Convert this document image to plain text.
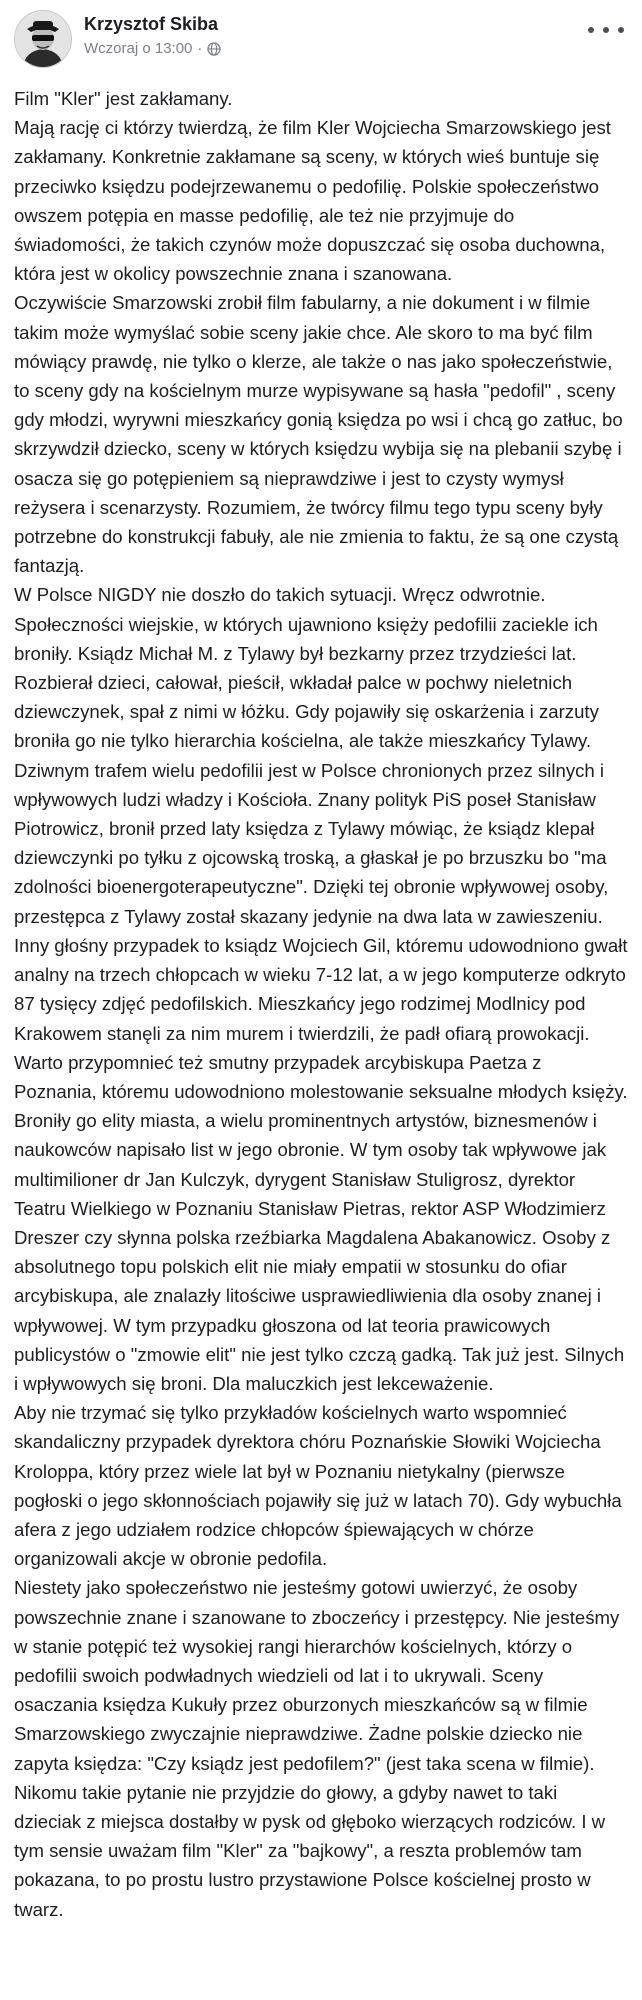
Krzysztof Skiba
Wczoraj o 13:00 ·

Film "Kler" jest zakłamany.

Mają rację ci którzy twierdzą, że film Kler Wojciecha Smarzowskiego jest zakłamany. Konkretnie zakłamane są sceny, w których wieś buntuje się przeciwko księdzu podejrzewanemu o pedofilię. Polskie społeczeństwo owszem potępia en masse pedofilię, ale też nie przyjmuje do świadomości, że takich czynów może dopuszczać się osoba duchowna, która jest w okolicy powszechnie znana i szanowana.

Oczywiście Smarzowski zrobił film fabularny, a nie dokument i w filmie takim może wymyślać sobie sceny jakie chce. Ale skoro to ma być film mówiący prawdę, nie tylko o klerze, ale także o nas jako społeczeństwie, to sceny gdy na kościelnym murze wypisywane są hasła "pedofil" , sceny gdy młodzi, wyrywni mieszkańcy gonią księdza po wsi i chcą go zatłuc, bo skrzywdził dziecko, sceny w których księdzu wybija się na plebanii szybę i osacza się go potępieniem są nieprawdziwe i jest to czysty wymysł reżysera i scenarzysty. Rozumiem, że twórcy filmu tego typu sceny były potrzebne do konstrukcji fabuły, ale nie zmienia to faktu, że są one czystą fantazją.

W Polsce NIGDY nie doszło do takich sytuacji. Wręcz odwrotnie. Społeczności wiejskie, w których ujawniono księży pedofilii zaciekle ich broniły. Ksiądz Michał M. z Tylawy był bezkarny przez trzydzieści lat. Rozbierał dzieci, całował, pieścił, wkładał palce w pochwy nieletnich dziewczynek, spał z nimi w łóżku. Gdy pojawiły się oskarżenia i zarzuty broniła go nie tylko hierarchia kościelna, ale także mieszkańcy Tylawy. Dziwnym trafem wielu pedofilii jest w Polsce chronionych przez silnych i wpływowych ludzi władzy i Kościoła. Znany polityk PiS poseł Stanisław Piotrowicz, bronił przed laty księdza z Tylawy mówiąc, że ksiądz klepał dziewczynki po tyłku z ojcowską troską, a głaskał je po brzuszku bo "ma zdolności bioenergoterapeutyczne". Dzięki tej obronie wpływowej osoby, przestępca z Tylawy został skazany jedynie na dwa lata w zawieszeniu.

Inny głośny przypadek to ksiądz Wojciech Gil, któremu udowodniono gwałt analny na trzech chłopcach w wieku 7-12 lat, a w jego komputerze odkryto 87 tysięcy zdjęć pedofilskich. Mieszkańcy jego rodzimej Modlnicy pod Krakowem stanęli za nim murem i twierdzili, że padł ofiarą prowokacji.

Warto przypomnieć też smutny przypadek arcybiskupa Paetza z Poznania, któremu udowodniono molestowanie seksualne młodych księży. Broniły go elity miasta, a wielu prominentnych artystów, biznesmenów i naukowców napisało list w jego obronie. W tym osoby tak wpływowe jak multimilioner dr Jan Kulczyk, dyrygent Stanisław Stuligrosz, dyrektor Teatru Wielkiego w Poznaniu Stanisław Pietras, rektor ASP Włodzimierz Dreszer czy słynna polska rzeźbiarka Magdalena Abakanowicz. Osoby z absolutnego topu polskich elit nie miały empatii w stosunku do ofiar arcybiskupa, ale znalazły litościwe usprawiedliwienia dla osoby znanej i wpływowej. W tym przypadku głoszona od lat teoria prawicowych publicystów o "zmowie elit" nie jest tylko czczą gadką. Tak już jest. Silnych i wpływowych się broni. Dla maluczkich jest lekceważenie.

Aby nie trzymać się tylko przykładów kościelnych warto wspomnieć skandaliczny przypadek dyrektora chóru Poznańskie Słowiki Wojciecha Kroloppa, który przez wiele lat był w Poznaniu nietykalny (pierwsze pogłoski o jego skłonnościach pojawiły się już w latach 70). Gdy wybuchła afera z jego udziałem rodzice chłopców śpiewających w chórze organizowali akcje w obronie pedofila.

Niestety jako społeczeństwo nie jesteśmy gotowi uwierzyć, że osoby powszechnie znane i szanowane to zboczeńcy i przestępcy. Nie jesteśmy w stanie potępić też wysokiej rangi hierarchów kościelnych, którzy o pedofilii swoich podwładnych wiedzieli od lat i to ukrywali. Sceny osaczania księdza Kukuły przez oburzonych mieszkańców są w filmie Smarzowskiego zwyczajnie nieprawdziwe. Żadne polskie dziecko nie zapyta księdza: "Czy ksiądz jest pedofilem?" (jest taka scena w filmie). Nikomu takie pytanie nie przyjdzie do głowy, a gdyby nawet to taki dzieciak z miejsca dostałby w pysk od głęboko wierzących rodziców. I w tym sensie uważam film "Kler" za "bajkowy", a reszta problemów tam pokazana, to po prostu lustro przystawione Polsce kościelnej prosto w twarz.
